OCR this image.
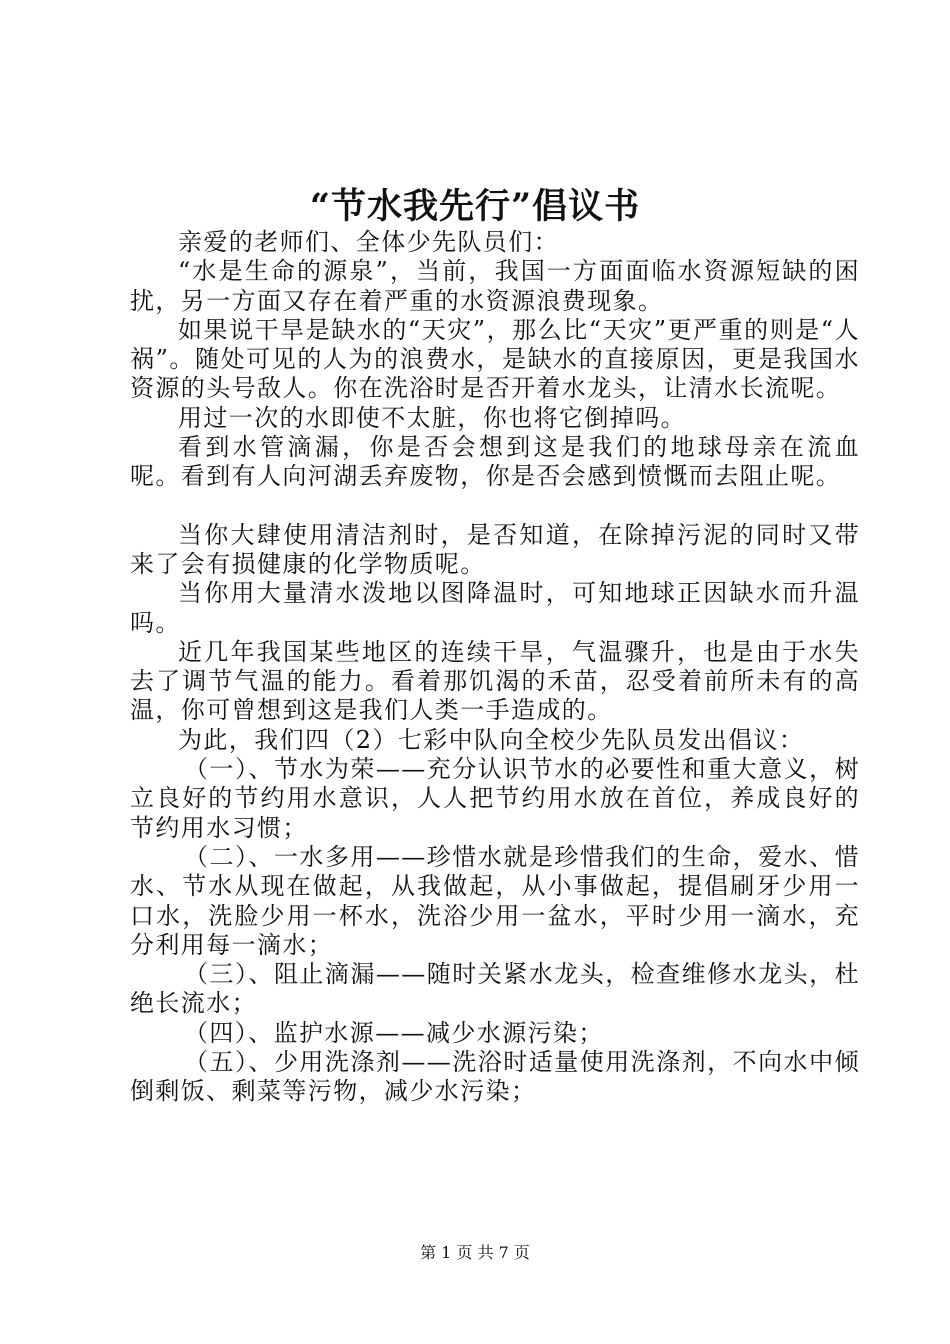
“节水我先行”倡议书

亲爱的老师们、全体少先队员们：

“水是生命的源泉”，当前，我国一方面面临水资源短缺的困扰，另一方面又存在着严重的水资源浪费现象。

如果说干旱是缺水的“天灾”，那么比“天灾”更严重的则是“人祸”。随处可见的人为的浪费水，是缺水的直接原因，更是我国水资源的头号敌人。你在洗浴时是否开着水龙头，让清水长流呢。

用过一次的水即使不太脏，你也将它倒掉吗。

看到水管滴漏，你是否会想到这是我们的地球母亲在流血呢。看到有人向河湖丢弃废物，你是否会感到愤慨而去阻止呢。

当你大肆使用清洁剂时，是否知道，在除掉污泥的同时又带来了会有损健康的化学物质呢。

当你用大量清水泼地以图降温时，可知地球正因缺水而升温吗。

近几年我国某些地区的连续干旱，气温骤升，也是由于水失去了调节气温的能力。看着那饥渴的禾苗，忍受着前所未有的高温，你可曾想到这是我们人类一手造成的。

为此，我们四（2）七彩中队向全校少先队员发出倡议：

（一）、节水为荣——充分认识节水的必要性和重大意义，树立良好的节约用水意识，人人把节约用水放在首位，养成良好的节约用水习惯；

（二）、一水多用——珍惜水就是珍惜我们的生命，爱水、惜水、节水从现在做起，从我做起，从小事做起，提倡刷牙少用一口水，洗脸少用一杯水，洗浴少用一盆水，平时少用一滴水，充分利用每一滴水；

（三）、阻止滴漏——随时关紧水龙头，检查维修水龙头，杜绝长流水；

（四）、监护水源——减少水源污染；

（五）、少用洗涤剂——洗浴时适量使用洗涤剂，不向水中倾倒剩饭、剩菜等污物，减少水污染；

第 1 页 共 7 页
